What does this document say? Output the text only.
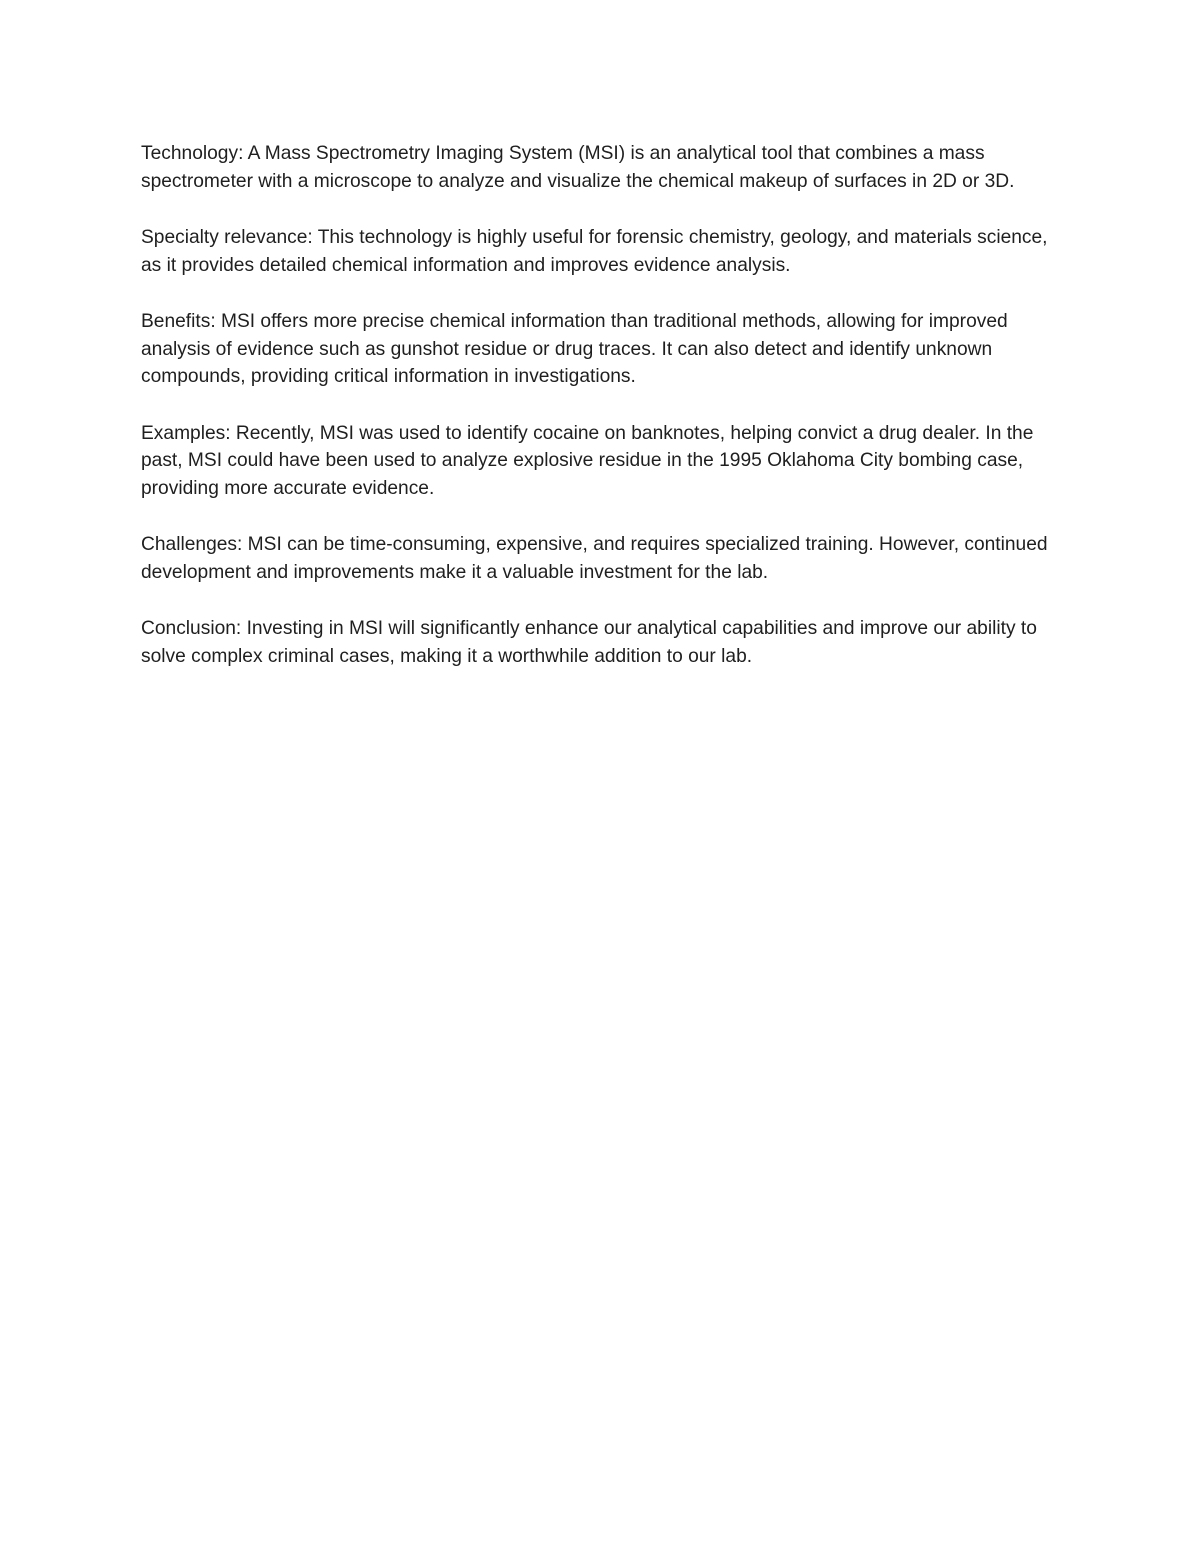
Technology: A Mass Spectrometry Imaging System (MSI) is an analytical tool that combines a mass spectrometer with a microscope to analyze and visualize the chemical makeup of surfaces in 2D or 3D.

Specialty relevance: This technology is highly useful for forensic chemistry, geology, and materials science, as it provides detailed chemical information and improves evidence analysis.

Benefits: MSI offers more precise chemical information than traditional methods, allowing for improved analysis of evidence such as gunshot residue or drug traces. It can also detect and identify unknown compounds, providing critical information in investigations.

Examples: Recently, MSI was used to identify cocaine on banknotes, helping convict a drug dealer. In the past, MSI could have been used to analyze explosive residue in the 1995 Oklahoma City bombing case, providing more accurate evidence.

Challenges: MSI can be time-consuming, expensive, and requires specialized training. However, continued development and improvements make it a valuable investment for the lab.

Conclusion: Investing in MSI will significantly enhance our analytical capabilities and improve our ability to solve complex criminal cases, making it a worthwhile addition to our lab.
